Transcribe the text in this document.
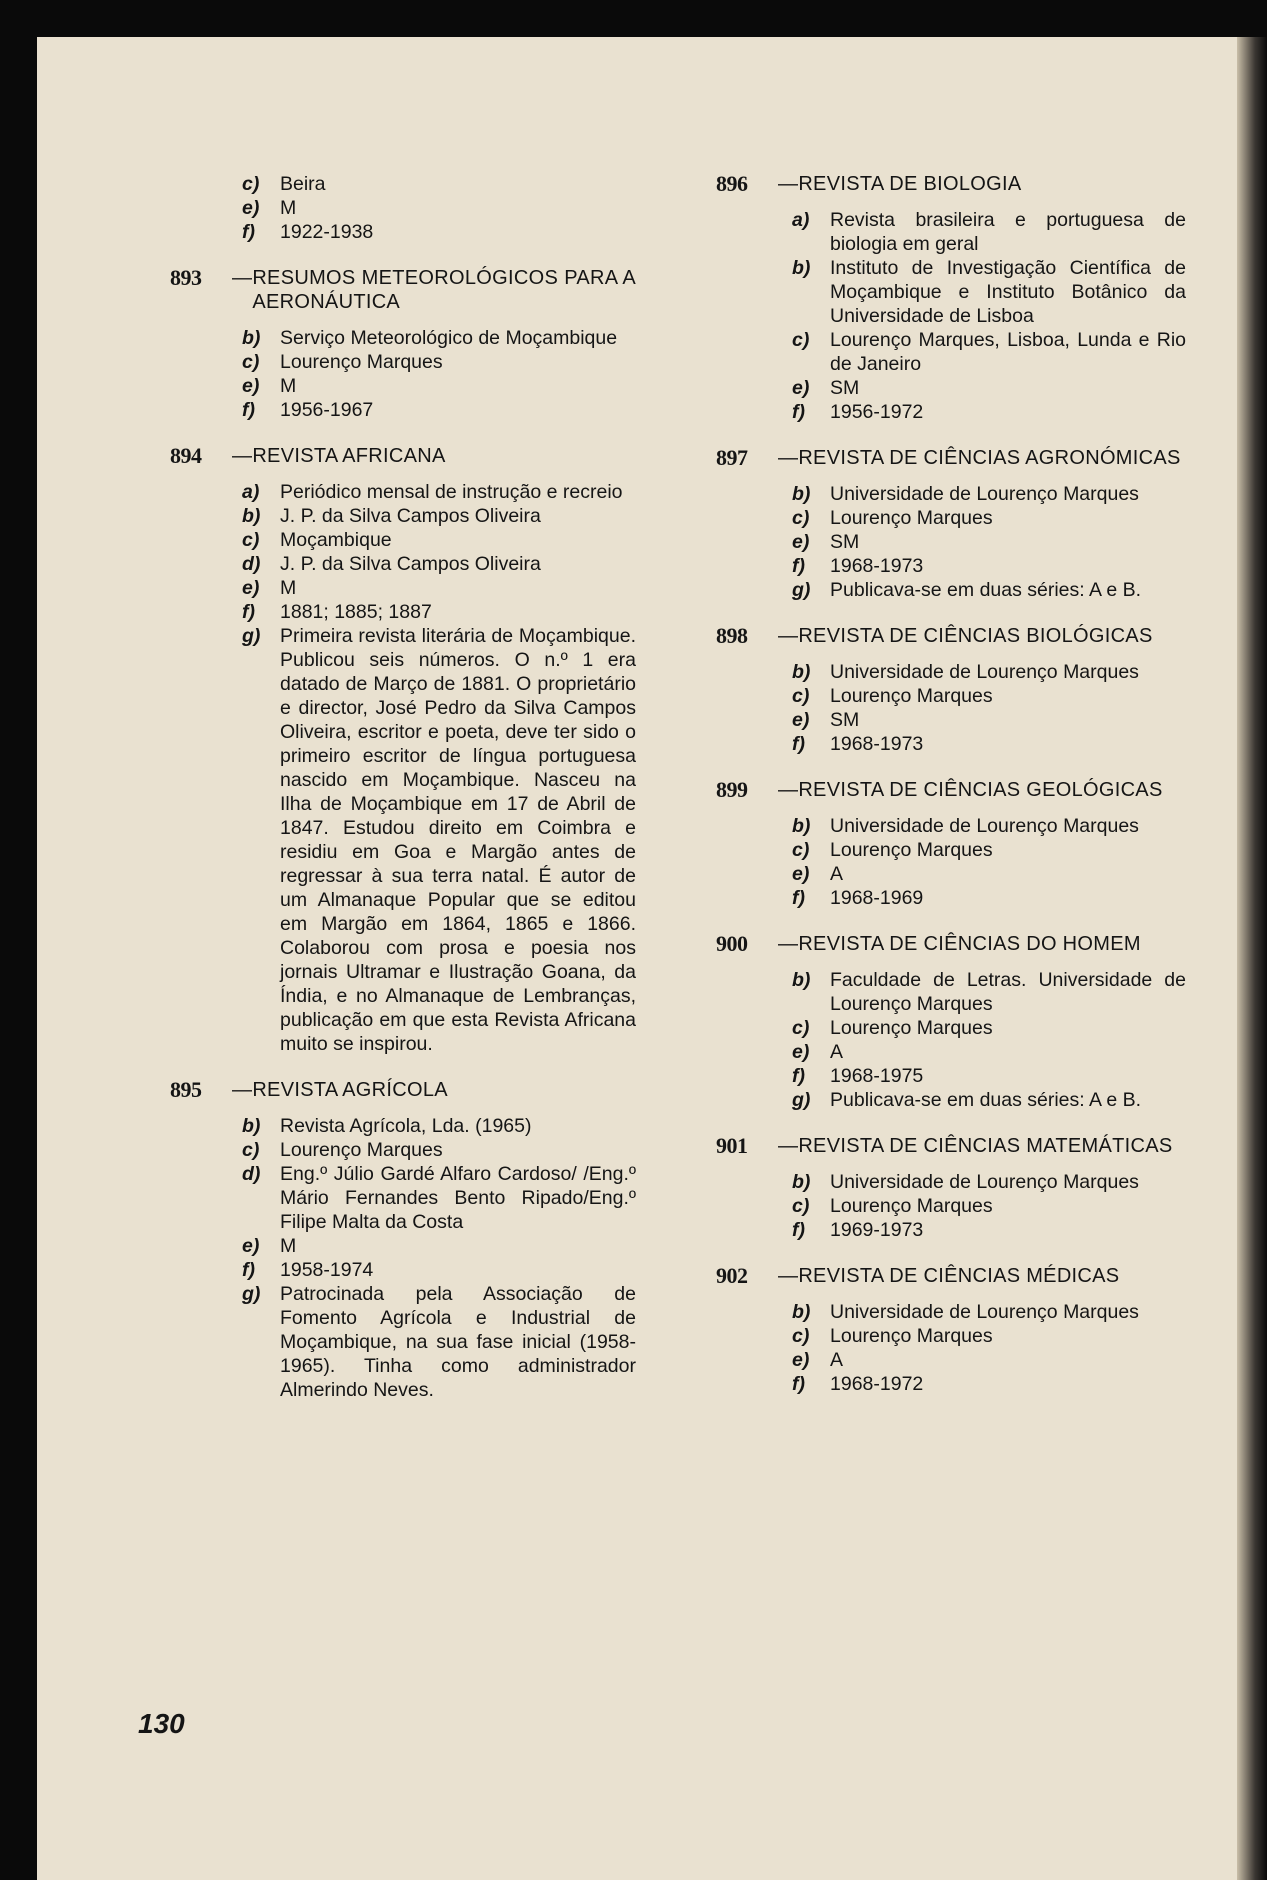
c)	Beira
e)	M
f)	1922-1938
893	— RESUMOS METEOROLÓGICOS PARA A AERONÁUTICA
b)	Serviço Meteorológico de Moçambique
c)	Lourenço Marques
e)	M
f)	1956-1967
894	— REVISTA AFRICANA
a)	Periódico mensal de instrução e recreio
b)	J. P. da Silva Campos Oliveira
c)	Moçambique
d)	J. P. da Silva Campos Oliveira
e)	M
f)	1881; 1885; 1887
g)	Primeira revista literária de Moçambique. Publicou seis números. O n.º 1 era datado de Março de 1881. O proprietário e director, José Pedro da Silva Campos Oliveira, escritor e poeta, deve ter sido o primeiro escritor de língua portuguesa nascido em Moçambique. Nasceu na Ilha de Moçambique em 17 de Abril de 1847. Estudou direito em Coimbra e residiu em Goa e Margão antes de regressar à sua terra natal. É autor de um Almanaque Popular que se editou em Margão em 1864, 1865 e 1866. Colaborou com prosa e poesia nos jornais Ultramar e Ilustração Goana, da Índia, e no Almanaque de Lembranças, publicação em que esta Revista Africana muito se inspirou.
895	— REVISTA AGRÍCOLA
b)	Revista Agrícola, Lda. (1965)
c)	Lourenço Marques
d)	Eng.º Júlio Gardé Alfaro Cardoso/ /Eng.º Mário Fernandes Bento Ripado/Eng.º Filipe Malta da Costa
e)	M
f)	1958-1974
g)	Patrocinada pela Associação de Fomento Agrícola e Industrial de Moçambique, na sua fase inicial (1958-1965). Tinha como administrador Almerindo Neves.
896	— REVISTA DE BIOLOGIA
a)	Revista brasileira e portuguesa de biologia em geral
b)	Instituto de Investigação Científica de Moçambique e Instituto Botânico da Universidade de Lisboa
c)	Lourenço Marques, Lisboa, Lunda e Rio de Janeiro
e)	SM
f)	1956-1972
897	— REVISTA DE CIÊNCIAS AGRONÓMICAS
b)	Universidade de Lourenço Marques
c)	Lourenço Marques
e)	SM
f)	1968-1973
g)	Publicava-se em duas séries: A e B.
898	— REVISTA DE CIÊNCIAS BIOLÓGICAS
b)	Universidade de Lourenço Marques
c)	Lourenço Marques
e)	SM
f)	1968-1973
899	— REVISTA DE CIÊNCIAS GEOLÓGICAS
b)	Universidade de Lourenço Marques
c)	Lourenço Marques
e)	A
f)	1968-1969
900	— REVISTA DE CIÊNCIAS DO HOMEM
b)	Faculdade de Letras. Universidade de Lourenço Marques
c)	Lourenço Marques
e)	A
f)	1968-1975
g)	Publicava-se em duas séries: A e B.
901	— REVISTA DE CIÊNCIAS MATEMÁTICAS
b)	Universidade de Lourenço Marques
c)	Lourenço Marques
f)	1969-1973
902	— REVISTA DE CIÊNCIAS MÉDICAS
b)	Universidade de Lourenço Marques
c)	Lourenço Marques
e)	A
f)	1968-1972
130
